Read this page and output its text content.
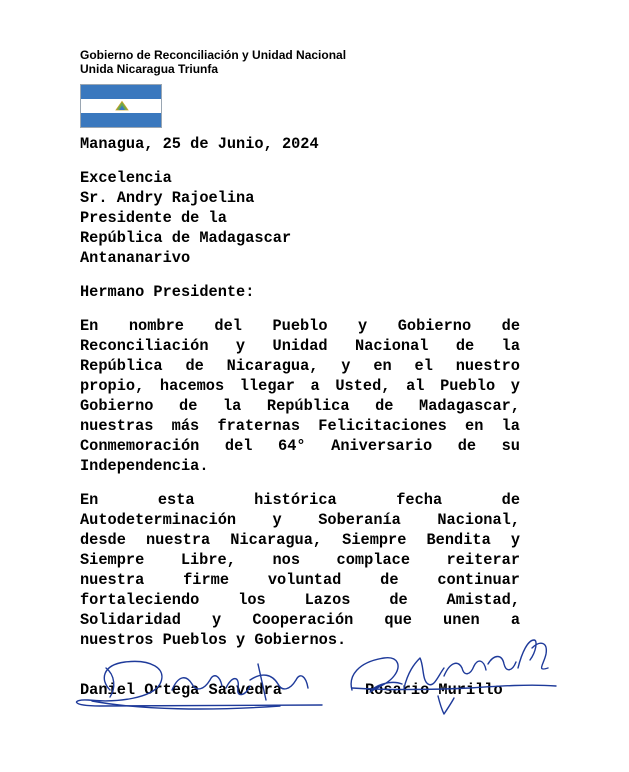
Gobierno de Reconciliación y Unidad Nacional
Unida Nicaragua Triunfa
Managua, 25 de Junio, 2024
Excelencia
Sr. Andry Rajoelina
Presidente de la
República de Madagascar
Antananarivo
Hermano Presidente:
En nombre del Pueblo y Gobierno de
Reconciliación y Unidad Nacional de la
República de Nicaragua, y en el nuestro
propio, hacemos llegar a Usted, al Pueblo y
Gobierno de la República de Madagascar,
nuestras más fraternas Felicitaciones en la
Conmemoración del 64° Aniversario de su
Independencia.
En esta histórica fecha de
Autodeterminación y Soberanía Nacional,
desde nuestra Nicaragua, Siempre Bendita y
Siempre Libre, nos complace reiterar
nuestra firme voluntad de continuar
fortaleciendo los Lazos de Amistad,
Solidaridad y Cooperación que unen a
nuestros Pueblos y Gobiernos.
Daniel Ortega Saavedra	Rosario Murillo
